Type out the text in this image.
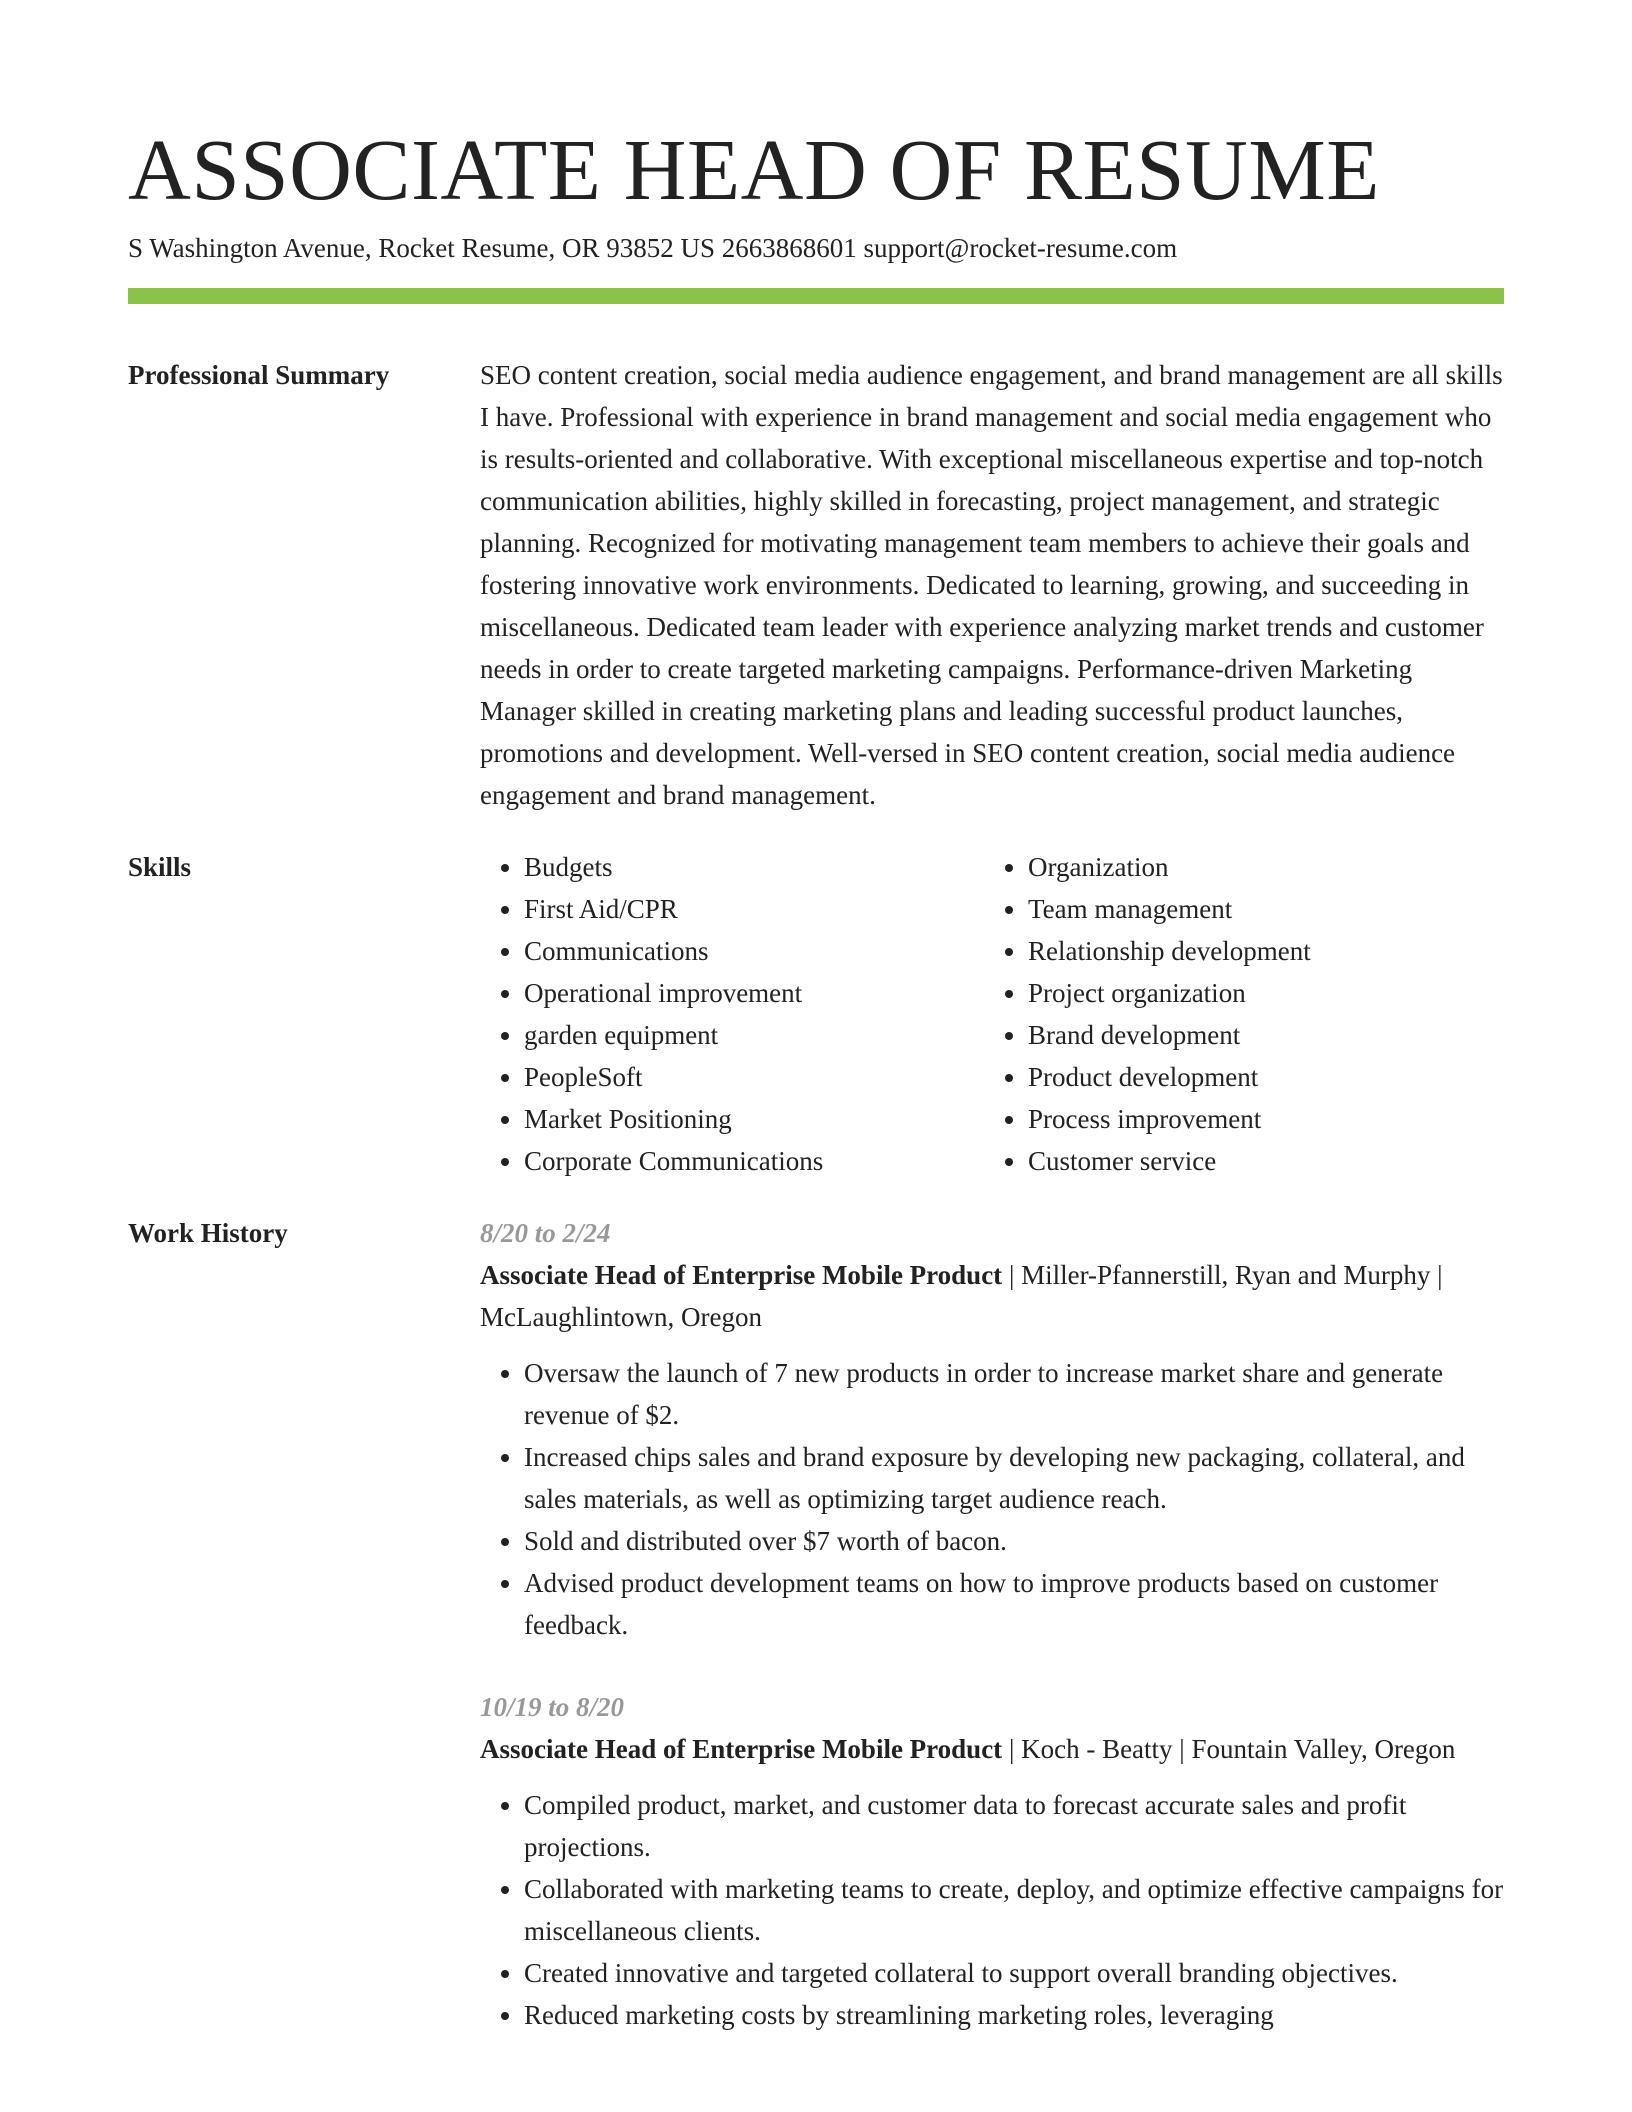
ASSOCIATE HEAD OF RESUME
S Washington Avenue, Rocket Resume, OR 93852 US 2663868601 support@rocket-resume.com
Professional Summary	SEO content creation, social media audience engagement, and brand management are all skills I have. Professional with experience in brand management and social media engagement who is results-oriented and collaborative. With exceptional miscellaneous expertise and top-notch communication abilities, highly skilled in forecasting, project management, and strategic planning. Recognized for motivating management team members to achieve their goals and fostering innovative work environments. Dedicated to learning, growing, and succeeding in miscellaneous. Dedicated team leader with experience analyzing market trends and customer needs in order to create targeted marketing campaigns. Performance-driven Marketing Manager skilled in creating marketing plans and leading successful product launches, promotions and development. Well-versed in SEO content creation, social media audience engagement and brand management.

Skills
•	Budgets
• First Aid/CPR
• Communications
• Operational improvement
• garden equipment
• PeopleSoft
• Market Positioning
• Corporate Communications
• Organization
• Team management
• Relationship development
• Project organization
• Brand development
• Product development
• Process improvement
• Customer service
Work History	8/20 to 2/24
Associate Head of Enterprise Mobile Product | Miller-Pfannerstill, Ryan and Murphy | McLaughlintown, Oregon
• Oversaw the launch of 7 new products in order to increase market share and generate revenue of $2.
• Increased chips sales and brand exposure by developing new packaging, collateral, and sales materials, as well as optimizing target audience reach.
• Sold and distributed over $7 worth of bacon.
• Advised product development teams on how to improve products based on customer feedback.
10/19 to 8/20
Associate Head of Enterprise Mobile Product | Koch - Beatty | Fountain Valley, Oregon
• Compiled product, market, and customer data to forecast accurate sales and profit projections.
• Collaborated with marketing teams to create, deploy, and optimize effective campaigns for miscellaneous clients.
• Created innovative and targeted collateral to support overall branding objectives.
• Reduced marketing costs by streamlining marketing roles, leveraging
